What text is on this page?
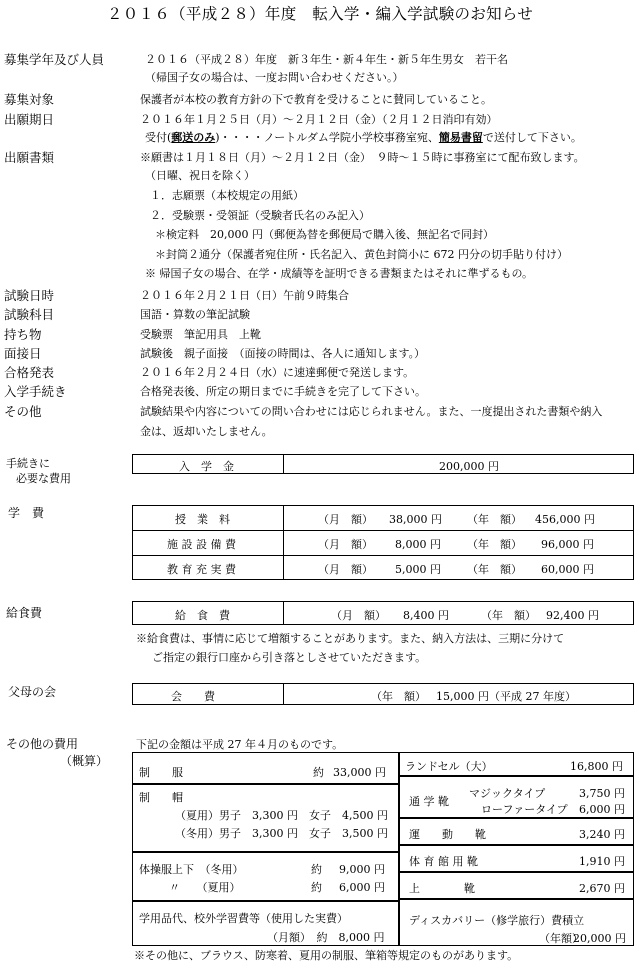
２０１６（平成２８）年度　転入学・編入学試験のお知らせ
募集学年及び人員	２０１６（平成２８）年度　新３年生・新４年生・新５年生男女　若干名
（帰国子女の場合は、一度お問い合わせください。）
募集対象	保護者が本校の教育方針の下で教育を受けることに賛同していること。
出願期日	２０１６年１月２５日（月）～２月１２日（金）（２月１２日消印有効）
受付(郵送のみ)・・・・ノートルダム学院小学校事務室宛、簡易書留で送付して下さい。
出願書類	※願書は１月１８日（月）～２月１２日（金）　９時～１５時に事務室にて配布致します。
（日曜、祝日を除く）
１．志願票（本校規定の用紙）
２．受験票・受領証（受験者氏名のみ記入）
＊検定料　20,000 円（郵便為替を郵便局で購入後、無記名で同封）
＊封筒２通分（保護者宛住所・氏名記入、黄色封筒小に 672 円分の切手貼り付け）
※ 帰国子女の場合、在学・成績等を証明できる書類またはそれに準ずるもの。
試験日時	２０１６年２月２１日（日）午前９時集合
試験科目	国語・算数の筆記試験
持ち物	受験票　筆記用具　上靴
面接日	試験後　親子面接　（面接の時間は、各人に通知します。）
合格発表	２０１６年２月２４日（水）に速達郵便で発送します。
入学手続き	合格発表後、所定の期日までに手続きを完了して下さい。
その他	試験結果や内容についての問い合わせには応じられません。また、一度提出された書類や納入
金は、返却いたしません。
手続きに
必要な費用
入　学　金	200,000 円
学　費	授　業　料	（月　額） 38,000 円 （年　額） 456,000 円
施 設 設 備 費	（月　額） 8,000 円 （年　額） 96,000 円
教 育 充 実 費	（月　額） 5,000 円 （年　額） 60,000 円
給食費	給　食　費	（月　額） 8,400 円	（年　額） 92,400 円
※給食費は、事情に応じて増額することがあります。また、納入方法は、三期に分けて
ご指定の銀行口座から引き落としさせていただきます。
父母の会	会　　費	（年　額） 15,000 円（平成 27 年度）
その他の費用
（概算）
下記の金額は平成 27 年４月のものです。
制　　服	約 33,000 円
制　　帽
（夏用）男子　3,300 円　女子　4,500 円
（冬用）男子　3,300 円　女子　3,500 円
体操服上下　（冬用）	約 9,000 円
〃　　（夏用）	約 6,000 円
学用品代、校外学習費等（使用した実費）
（月額）　約　8,000 円
ランドセル（大）	16,800 円
通 学 靴
マジックタイプ	3,750 円
ローファータイプ 6,000 円
運　　動　　靴	3,240 円
体 育 館 用 靴	1,910 円
上　　　　靴	2,670 円
ディスカバリー（修学旅行）費積立
（年額）
20,000 円
※その他に、ブラウス、防寒着、夏用の制服、筆箱等規定のものがあります。
